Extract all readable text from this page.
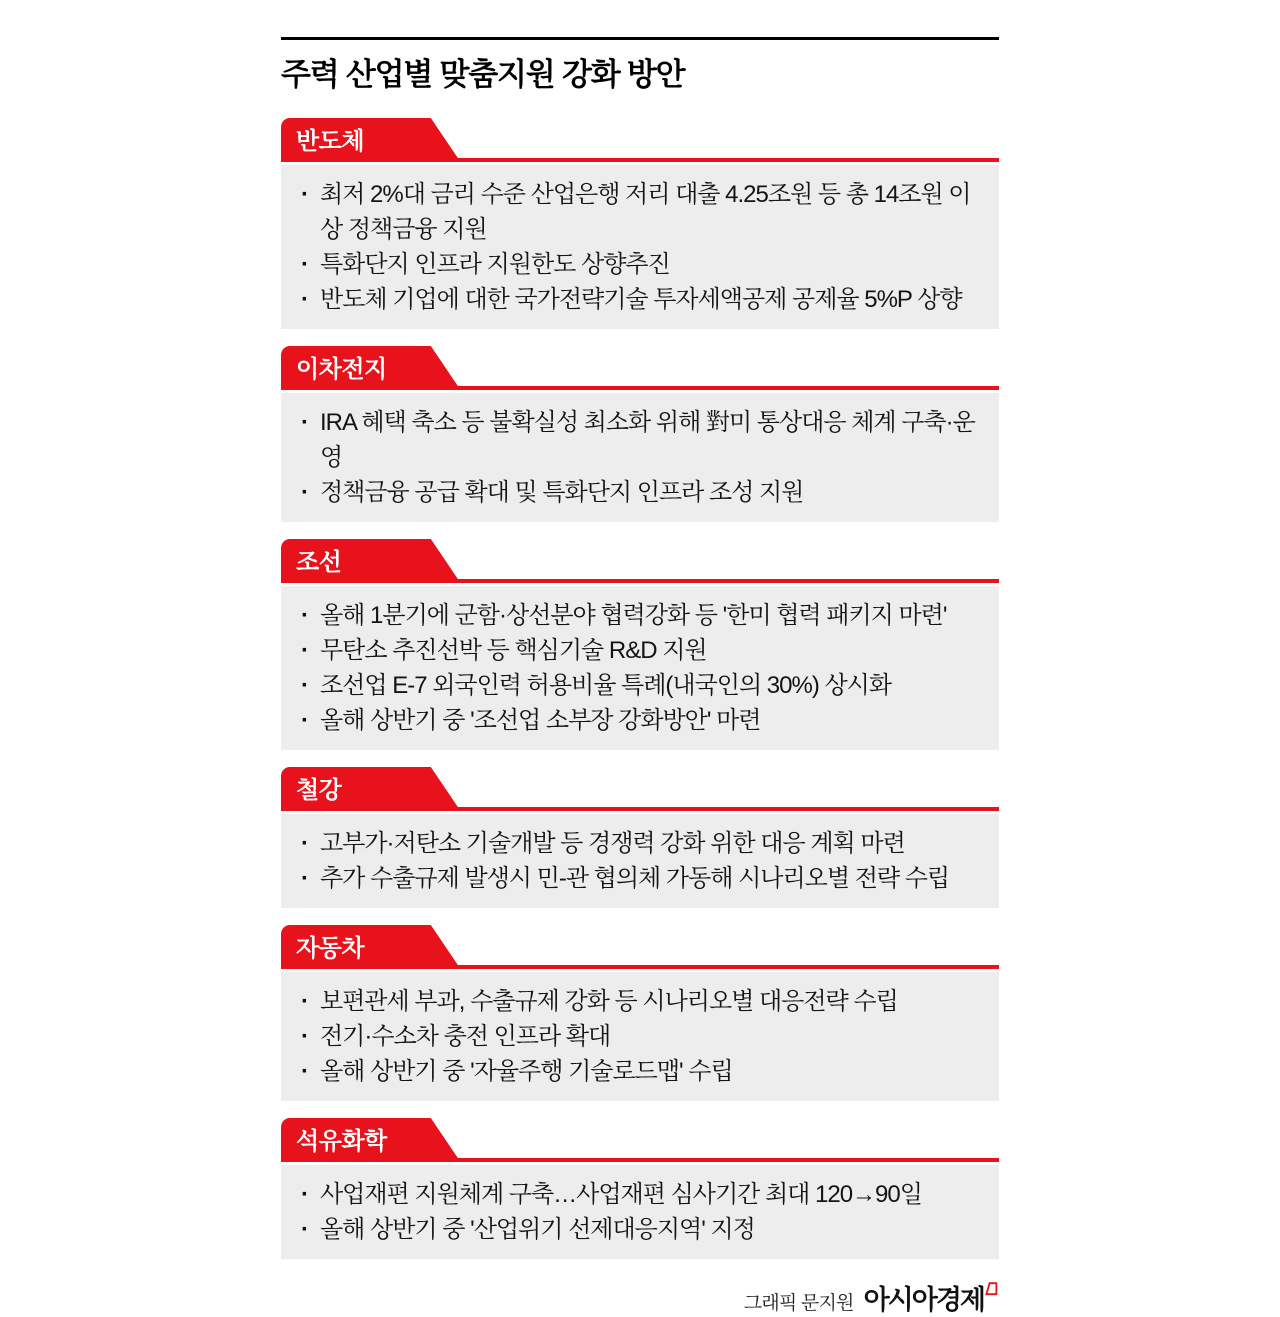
주력 산업별 맞춤지원 강화 방안
반도체
·
최저 2%대 금리 수준 산업은행 저리 대출 4.25조원 등 총 14조원 이상 정책금융 지원
·
특화단지 인프라 지원한도 상향추진
·
반도체 기업에 대한 국가전략기술 투자세액공제 공제율 5%P 상향
이차전지
·
IRA 혜택 축소 등 불확실성 최소화 위해 對미 통상대응 체계 구축·운영
·
정책금융 공급 확대 및 특화단지 인프라 조성 지원
조선
·
올해 1분기에 군함·상선분야 협력강화 등 '한미 협력 패키지 마련'
·
무탄소 추진선박 등 핵심기술 R&D 지원
·
조선업 E-7 외국인력 허용비율 특례(내국인의 30%) 상시화
·
올해 상반기 중 '조선업 소부장 강화방안' 마련
철강
·
고부가·저탄소 기술개발 등 경쟁력 강화 위한 대응 계획 마련
·
추가 수출규제 발생시 민-관 협의체 가동해 시나리오별 전략 수립
자동차
·
보편관세 부과, 수출규제 강화 등 시나리오별 대응전략 수립
·
전기·수소차 충전 인프라 확대
·
올해 상반기 중 '자율주행 기술로드맵' 수립
석유화학
·
사업재편 지원체계 구축…사업재편 심사기간 최대 120→90일
·
올해 상반기 중 '산업위기 선제대응지역' 지정
그래픽 문지원 아시아경제
